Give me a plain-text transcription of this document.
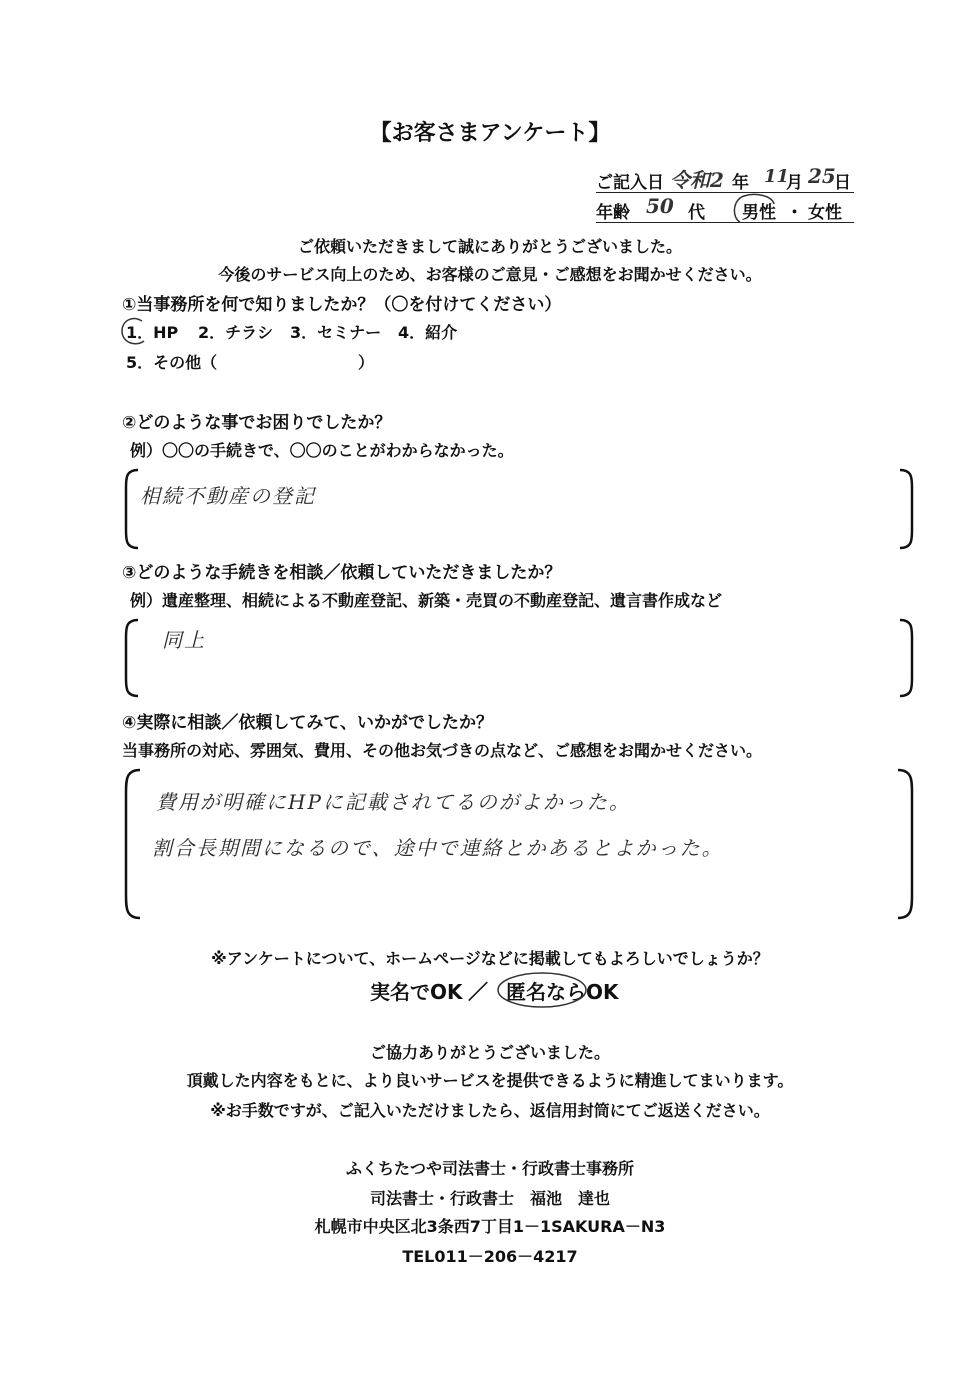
【お客さまアンケート】
ご記入日 令和2 年 11
月 25
日
年齢 50 代 男性 ・ 女性
ご依頼いただきまして誠にありがとうございました。
今後のサービス向上のため、お客様のご意見・ご感想をお聞かせください。
①当事務所を何で知りましたか？（〇を付けてください）
1．HP 2．チラシ 3．セミナー 4．紹介
5．その他（	）
②どのような事でお困りでしたか？
例）〇〇の手続きで、〇〇のことがわからなかった。
相続不動産の登記
③どのような手続きを相談／依頼していただきましたか？
例）遺産整理、相続による不動産登記、新築・売買の不動産登記、遺言書作成など
同上
④実際に相談／依頼してみて、いかがでしたか？
当事務所の対応、雰囲気、費用、その他お気づきの点など、ご感想をお聞かせください。
費用が明確にHPに記載されてるのがよかった。
割合長期間になるので、途中で連絡とかあるとよかった。
※アンケートについて、ホームページなどに掲載してもよろしいでしょうか？
実名でOK ／ 匿名ならOK
ご協力ありがとうございました。
頂戴した内容をもとに、より良いサービスを提供できるように精進してまいります。
※お手数ですが、ご記入いただけましたら、返信用封筒にてご返送ください。
ふくちたつや司法書士・行政書士事務所
司法書士・行政書士　福池　達也
札幌市中央区北3条西7丁目1－1SAKURA－N3
TEL011－206－4217
